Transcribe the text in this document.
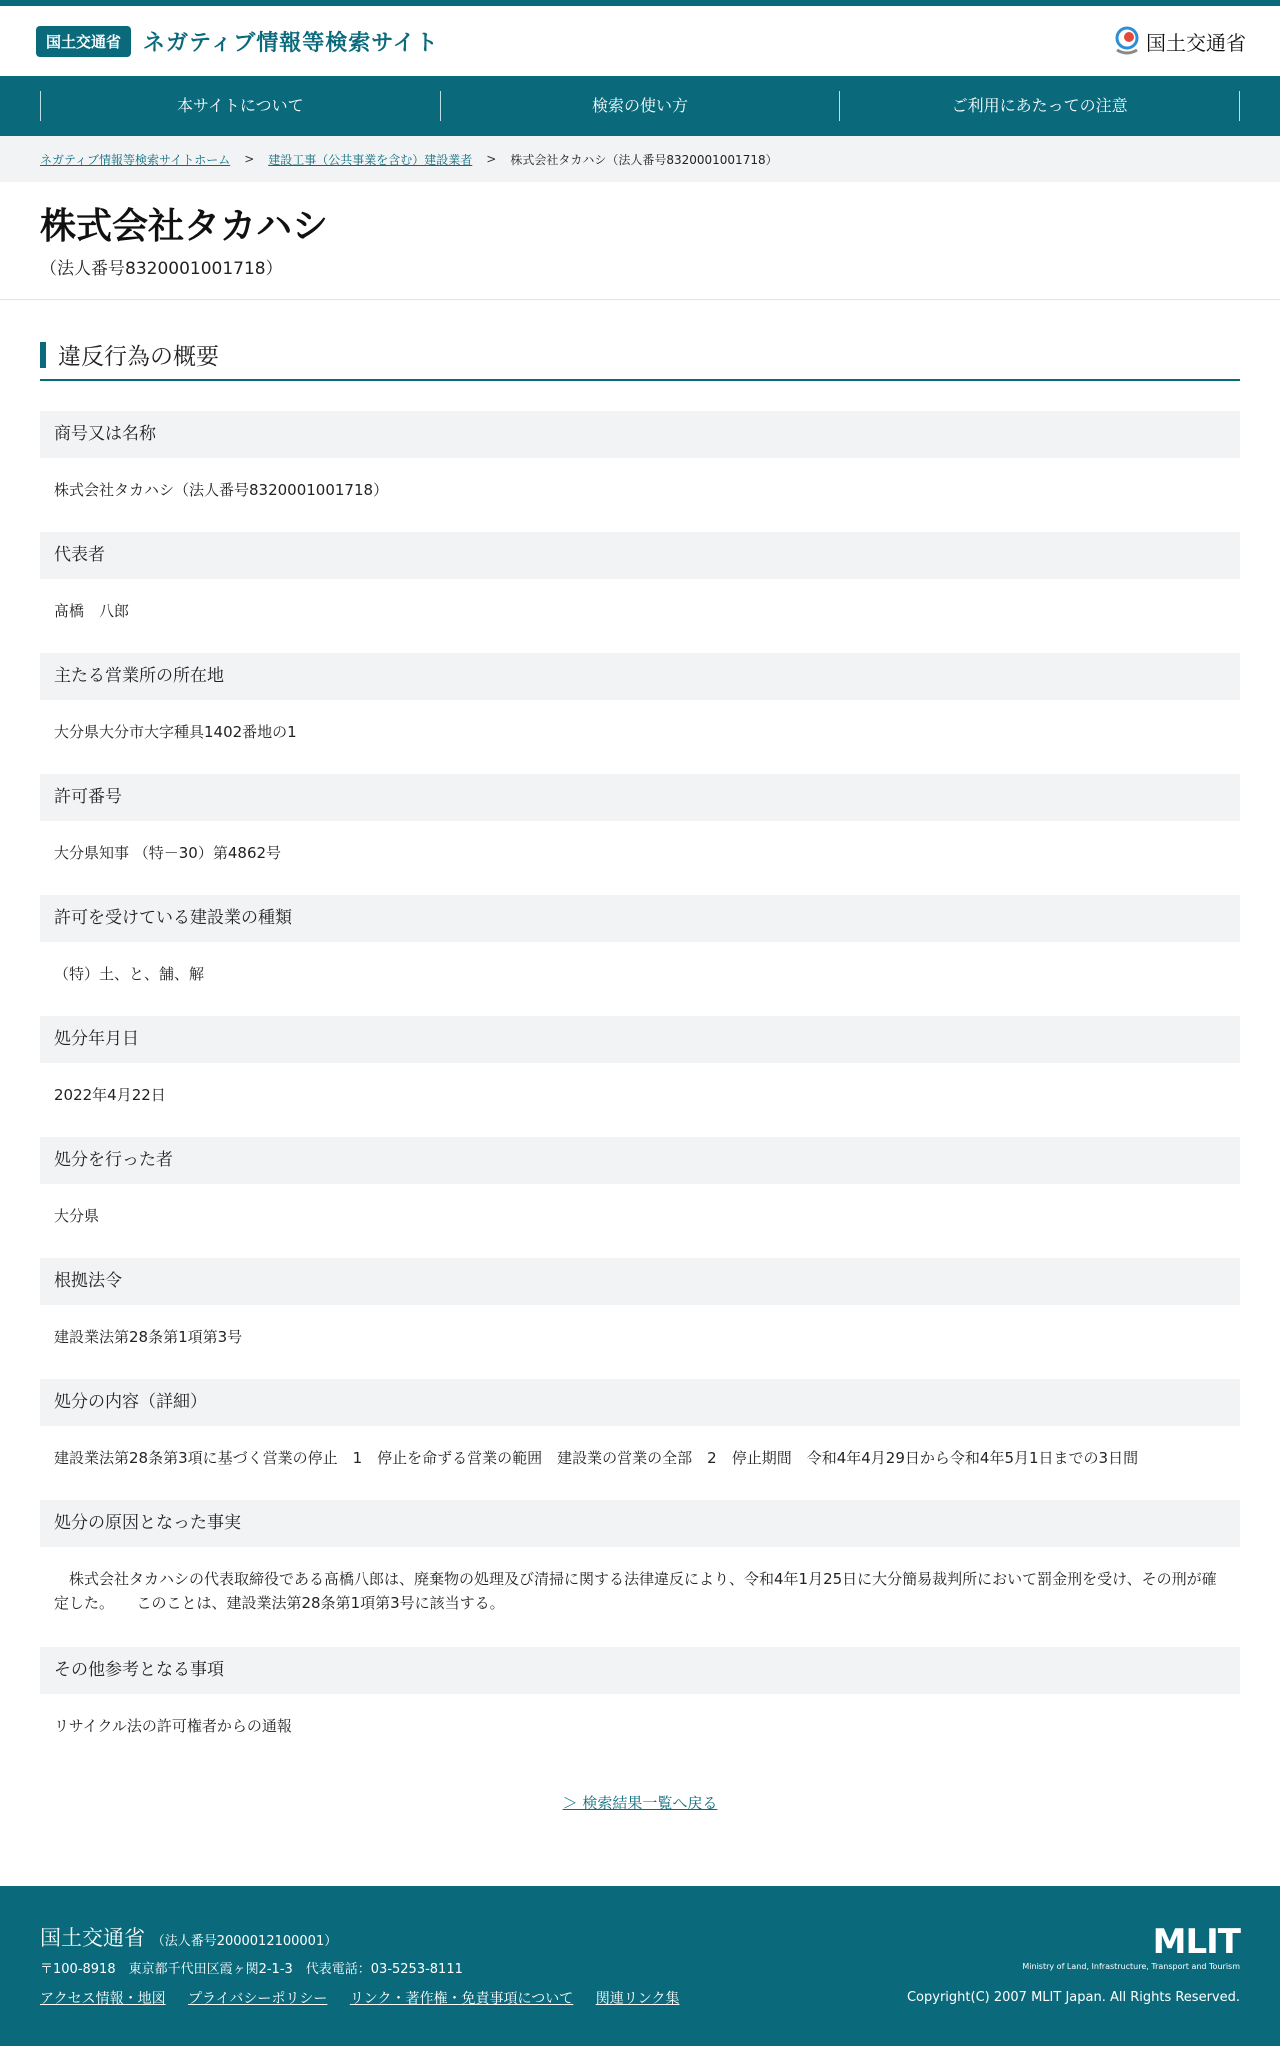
国土交通省	ネガティブ情報等検索サイト	国土交通省
本サイトについて	検索の使い方	ご利用にあたっての注意
ネガティブ情報等検索サイトホーム > 建設工事（公共事業を含む）建設業者 > 株式会社タカハシ（法人番号8320001001718）
株式会社タカハシ
（法人番号8320001001718）
違反行為の概要
商号又は名称
株式会社タカハシ（法人番号8320001001718）
代表者
髙橋　八郎
主たる営業所の所在地
大分県大分市大字種具1402番地の1
許可番号
大分県知事 （特－30）第4862号
許可を受けている建設業の種類
（特）土、と、舗、解
処分年月日
2022年4月22日
処分を行った者
大分県
根拠法令
建設業法第28条第1項第3号
処分の内容（詳細）
建設業法第28条第3項に基づく営業の停止　1　停止を命ずる営業の範囲　建設業の営業の全部　2　停止期間　令和4年4月29日から令和4年5月1日までの3日間
処分の原因となった事実
　株式会社タカハシの代表取締役である髙橋八郎は、廃棄物の処理及び清掃に関する法律違反により、令和4年1月25日に大分簡易裁判所において罰金刑を受け、その刑が確定した。　　このことは、建設業法第28条第1項第3号に該当する。
その他参考となる事項
リサイクル法の許可権者からの通報
＞ 検索結果一覧へ戻る
国土交通省 （法人番号2000012100001）
〒100-8918　東京都千代田区霞ヶ関2-1-3　代表電話：03-5253-8111
アクセス情報・地図 プライバシーポリシー リンク・著作権・免責事項について 関連リンク集
MLIT
Ministry of Land, Infrastructure, Transport and Tourism
Copyright(C) 2007 MLIT Japan. All Rights Reserved.
